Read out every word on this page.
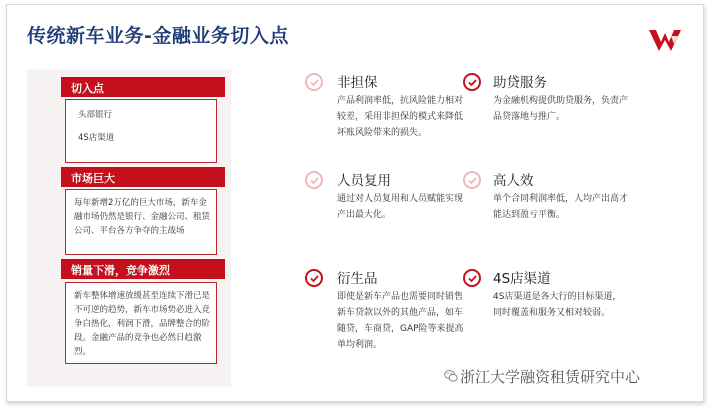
传统新车业务-金融业务切入点
切入点
头部银行
4S店渠道
市场巨大
每年新增2万亿的巨大市场，新车金融市场仍然是银行、金融公司、租赁公司、平台各方争夺的主战场
销量下滑，竞争激烈
新车整体增速放缓甚至连续下滑已是不可逆的趋势，新车市场势必进入竞争白热化，利润下滑，品牌整合的阶段。金融产品的竞争也必然日趋激烈。
非担保
产品利润率低，抗风险能力相对较差，采用非担保的模式来降低坏账风险带来的损失。
助贷服务
为金融机构提供助贷服务，负责产品贷落地与推广。
人员复用
通过对人员复用和人员赋能实现产出最大化。
高人效
单个合同利润率低，人均产出高才能达到盈亏平衡。
衍生品
即使是新车产品也需要同时销售新车贷款以外的其他产品，如车随贷，车商贷，GAP险等来提高单均利润。
4S店渠道
4S店渠道是各大行的目标渠道，同时覆盖和服务又相对较弱。
浙江大学融资租赁研究中心
